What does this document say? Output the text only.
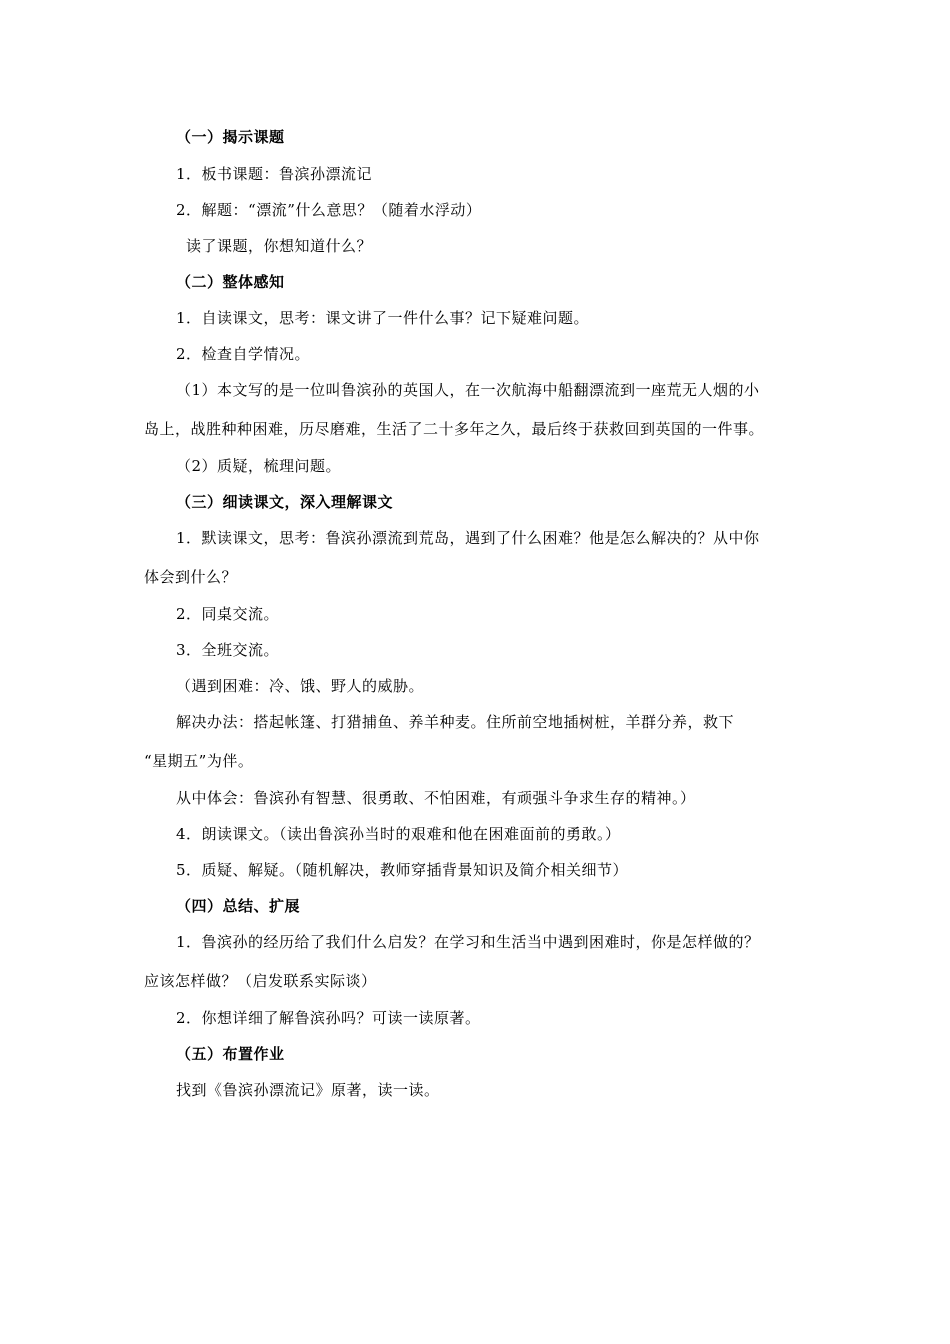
（一）揭示课题
1．板书课题：鲁滨孙漂流记
2．解题：“漂流”什么意思？（随着水浮动）
读了课题，你想知道什么？
（二）整体感知
1．自读课文，思考：课文讲了一件什么事？记下疑难问题。
2．检查自学情况。
（1）本文写的是一位叫鲁滨孙的英国人，在一次航海中船翻漂流到一座荒无人烟的小
岛上，战胜种种困难，历尽磨难，生活了二十多年之久，最后终于获救回到英国的一件事。
（2）质疑，梳理问题。
（三）细读课文，深入理解课文
1．默读课文，思考：鲁滨孙漂流到荒岛，遇到了什么困难？他是怎么解决的？从中你
体会到什么？
2．同桌交流。
3．全班交流。
（遇到困难：冷、饿、野人的威胁。
解决办法：搭起帐篷、打猎捕鱼、养羊种麦。住所前空地插树桩，羊群分养，救下
“星期五”为伴。
从中体会：鲁滨孙有智慧、很勇敢、不怕困难，有顽强斗争求生存的精神。）
4．朗读课文。（读出鲁滨孙当时的艰难和他在困难面前的勇敢。）
5．质疑、解疑。（随机解决，教师穿插背景知识及简介相关细节）
（四）总结、扩展
1．鲁滨孙的经历给了我们什么启发？在学习和生活当中遇到困难时，你是怎样做的？
应该怎样做？（启发联系实际谈）
2．你想详细了解鲁滨孙吗？可读一读原著。
（五）布置作业
找到《鲁滨孙漂流记》原著，读一读。
